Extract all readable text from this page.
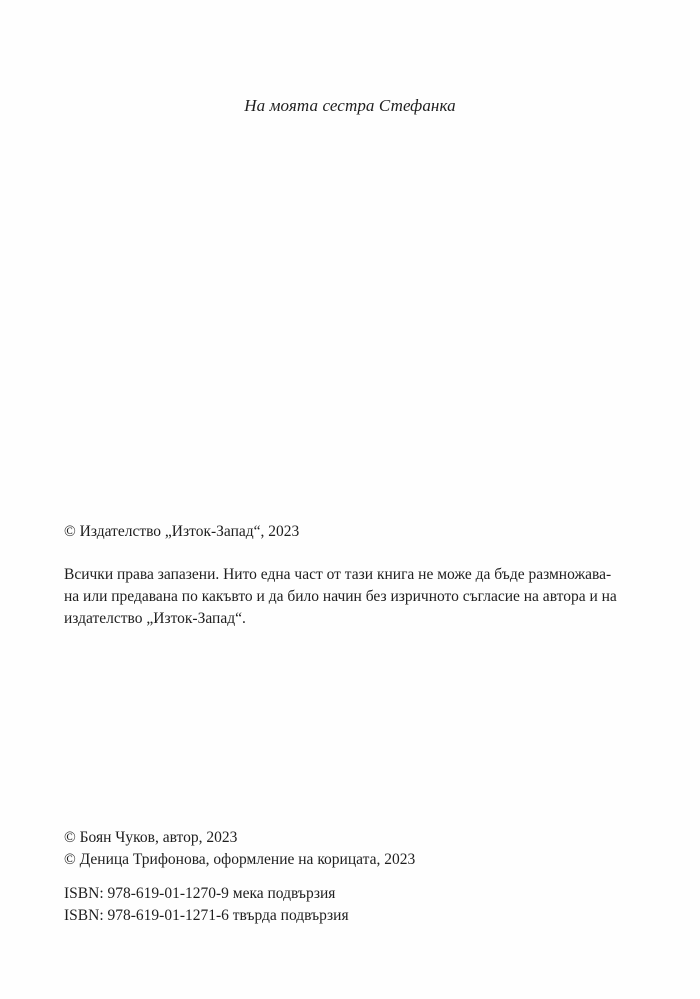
На моята сестра Стефанка
© Издателство „Изток-Запад“, 2023
Всички права запазени. Нито една част от тази книга не може да бъде размножава-
на или предавана по какъвто и да било начин без изричното съгласие на автора и на
издателство „Изток-Запад“.
© Боян Чуков, автор, 2023
© Деница Трифонова, оформление на корицата, 2023
ISBN: 978-619-01-1270-9 мека подвързия
ISBN: 978-619-01-1271-6 твърда подвързия
